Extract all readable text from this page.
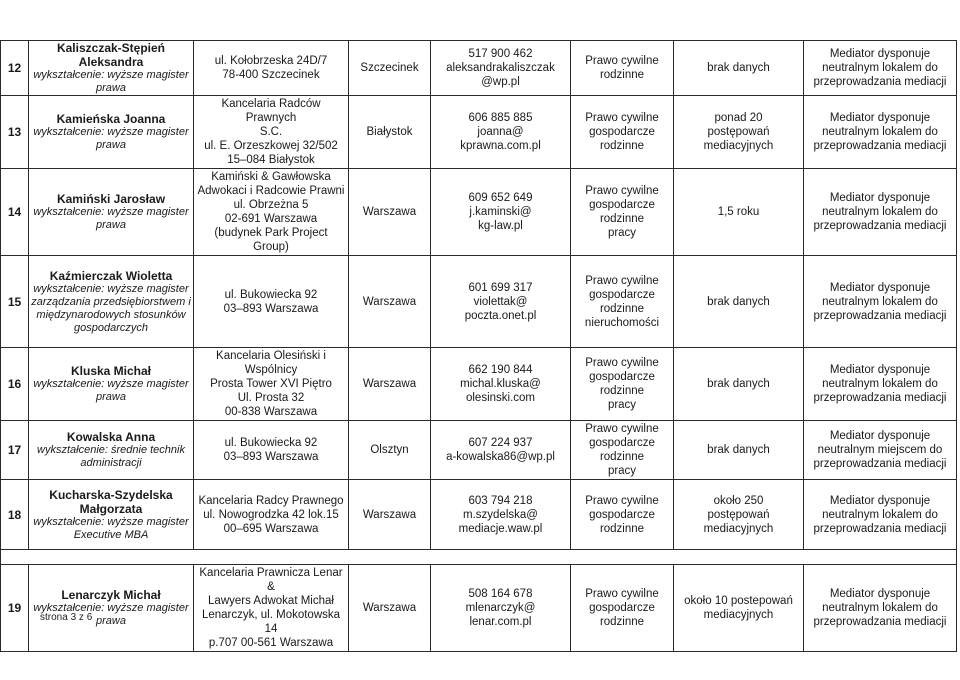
12	Kaliszczak-Stępień Aleksandra
wykształcenie: wyższe magister prawa	ul. Kołobrzeska 24D/7
78-400 Szczecinek	Szczecinek	517 900 462
aleksandrakaliszczak
@wp.pl	Prawo cywilne
rodzinne	brak danych	Mediator dysponuje
neutralnym lokalem do
przeprowadzania mediacji
13	Kamieńska Joanna
wykształcenie: wyższe magister prawa	Kancelaria Radców Prawnych
S.C.
ul. E. Orzeszkowej 32/502
15–084 Białystok	Białystok	606 885 885
joanna@
kprawna.com.pl	Prawo cywilne
gospodarcze
rodzinne	ponad 20
postępowań
mediacyjnych	Mediator dysponuje
neutralnym lokalem do
przeprowadzania mediacji
14	Kamiński Jarosław
wykształcenie: wyższe magister prawa	Kamiński & Gawłowska
Adwokaci i Radcowie Prawni
ul. Obrzeżna 5
02-691 Warszawa
(budynek Park Project Group)	Warszawa	609 652 649
j.kaminski@
kg-law.pl	Prawo cywilne
gospodarcze
rodzinne
pracy	1,5 roku	Mediator dysponuje
neutralnym lokalem do
przeprowadzania mediacji
15	Kaźmierczak Wioletta
wykształcenie: wyższe magister zarządzania przedsiębiorstwem i międzynarodowych stosunków gospodarczych	ul. Bukowiecka 92
03–893 Warszawa	Warszawa	601 699 317
violettak@
poczta.onet.pl	Prawo cywilne
gospodarcze
rodzinne
nieruchomości	brak danych	Mediator dysponuje
neutralnym lokalem do
przeprowadzania mediacji
16	Kluska Michał
wykształcenie: wyższe magister prawa	Kancelaria Olesiński i
Wspólnicy
Prosta Tower XVI Piętro
Ul. Prosta 32
00-838 Warszawa	Warszawa	662 190 844
michal.kluska@
olesinski.com	Prawo cywilne
gospodarcze
rodzinne
pracy	brak danych	Mediator dysponuje
neutralnym lokalem do
przeprowadzania mediacji
17	Kowalska Anna
wykształcenie: średnie technik administracji	ul. Bukowiecka 92
03–893 Warszawa	Olsztyn	607 224 937
a-kowalska86@wp.pl	Prawo cywilne
gospodarcze
rodzinne
pracy	brak danych	Mediator dysponuje
neutralnym miejscem do
przeprowadzania mediacji
18	Kucharska-Szydelska Małgorzata
wykształcenie: wyższe magister Executive MBA	Kancelaria Radcy Prawnego
ul. Nowogrodzka 42 lok.15
00–695 Warszawa	Warszawa	603 794 218
m.szydelska@
mediacje.waw.pl	Prawo cywilne
gospodarcze
rodzinne	około 250
postępowań
mediacyjnych	Mediator dysponuje
neutralnym lokalem do
przeprowadzania mediacji

19	Lenarczyk Michał
wykształcenie: wyższe magister prawa	Kancelaria Prawnicza Lenar &
Lawyers Adwokat Michał
Lenarczyk, ul. Mokotowska 14
p.707 00-561 Warszawa	Warszawa	508 164 678
mlenarczyk@
lenar.com.pl	Prawo cywilne
gospodarcze
rodzinne	około 10 postepowań
mediacyjnych	Mediator dysponuje
neutralnym lokalem do
przeprowadzania mediacji
strona 3 z 6
